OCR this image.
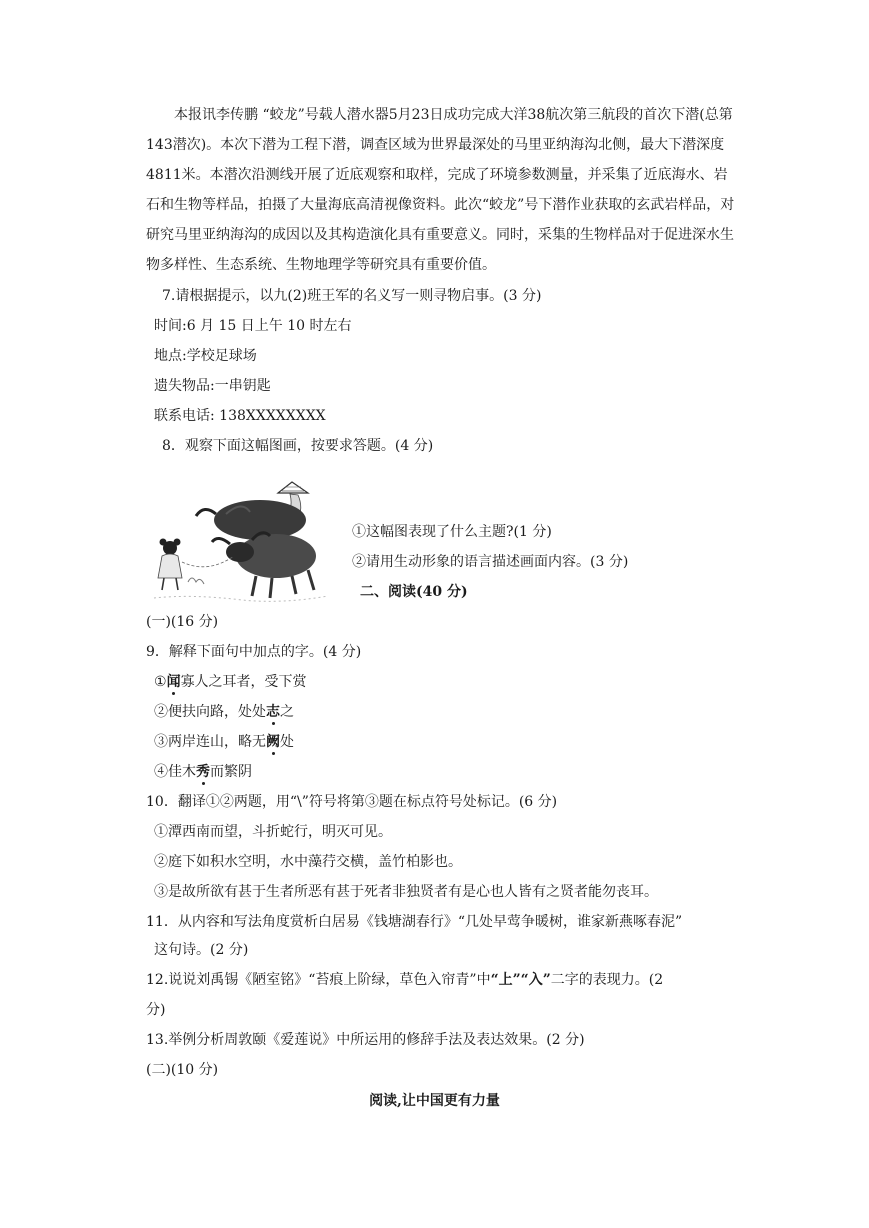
本报讯李传鹏 “蛟龙”号载人潜水器5月23日成功完成大洋38航次第三航段的首次下潜(总第143潜次)。本次下潜为工程下潜，调查区域为世界最深处的马里亚纳海沟北侧，最大下潜深度4811米。本潜次沿测线开展了近底观察和取样，完成了环境参数测量，并采集了近底海水、岩石和生物等样品，拍摄了大量海底高清视像资料。此次“蛟龙”号下潜作业获取的玄武岩样品，对研究马里亚纳海沟的成因以及其构造演化具有重要意义。同时，采集的生物样品对于促进深水生物多样性、生态系统、生物地理学等研究具有重要价值。
7.请根据提示，以九(2)班王军的名义写一则寻物启事。(3 分)
时间:6 月 15 日上午 10 时左右
地点:学校足球场
遗失物品:一串钥匙
联系电话: 138XXXXXXXX
8．观察下面这幅图画，按要求答题。(4 分)
①这幅图表现了什么主题?(1 分)
②请用生动形象的语言描述画面内容。(3 分)
二、阅读(40 分)
(一)(16 分)
9．解释下面句中加点的字。(4 分)
①闻寡人之耳者，受下赏
②便扶向路，处处志之
③两岸连山，略无阙处
④佳木秀而繁阴
10．翻译①②两题，用“\”符号将第③题在标点符号处标记。(6 分)
①潭西南而望，斗折蛇行，明灭可见。
②庭下如积水空明，水中藻荇交横，盖竹柏影也。
③是故所欲有甚于生者所恶有甚于死者非独贤者有是心也人皆有之贤者能勿丧耳。
11．从内容和写法角度赏析白居易《钱塘湖春行》“几处早莺争暖树，谁家新燕啄春泥”
这句诗。(2 分)
12.说说刘禹锡《陋室铭》“苔痕上阶绿，草色入帘青”中“上”“入”二字的表现力。(2
分)
13.举例分析周敦颐《爱莲说》中所运用的修辞手法及表达效果。(2 分)
(二)(10 分)
阅读,让中国更有力量
